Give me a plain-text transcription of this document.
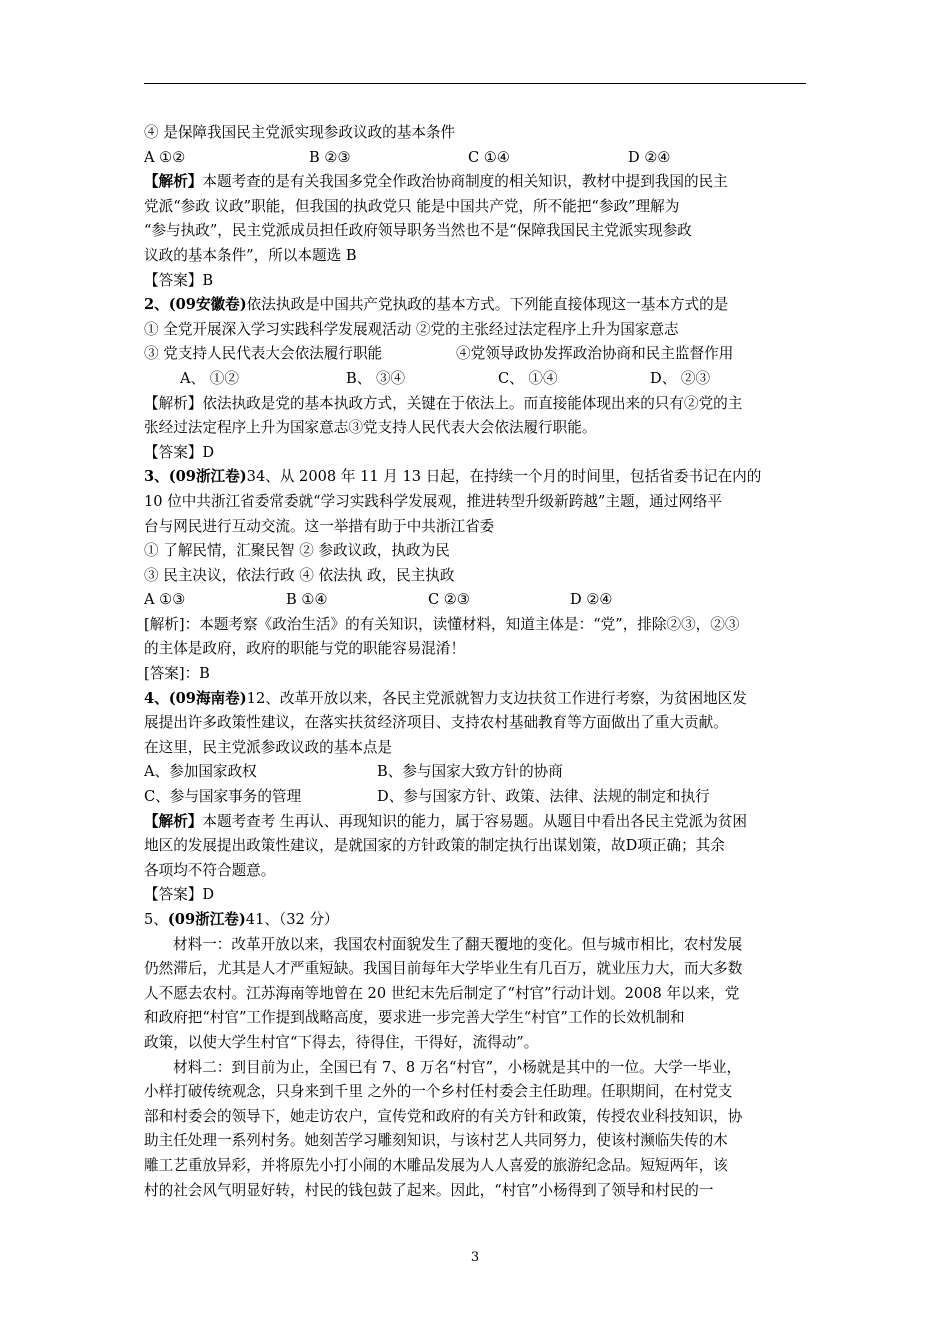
④ 是保障我国民主党派实现参政议政的基本条件
A ①②	B ②③	C ①④	D ②④
【解析】本题考查的是有关我国多党全作政治协商制度的相关知识，教材中提到我国的民主
党派“参政 议政”职能，但我国的执政党只 能是中国共产党，所不能把“参政”理解为
“参与执政”，民主党派成员担任政府领导职务当然也不是“保障我国民主党派实现参政
议政的基本条件”，所以本题选 B
【答案】B
2、(09安徽卷)依法执政是中国共产党执政的基本方式。下列能直接体现这一基本方式的是
① 全党开展深入学习实践科学发展观活动 ②党的主张经过法定程序上升为国家意志
③ 党支持人民代表大会依法履行职能	④党领导政协发挥政治协商和民主监督作用
A、 ①②	B、 ③④	C、 ①④	D、 ②③
【解析】依法执政是党的基本执政方式，关键在于依法上。而直接能体现出来的只有②党的主
张经过法定程序上升为国家意志③党支持人民代表大会依法履行职能。
【答案】D
3、(09浙江卷)34、从 2008 年 11 月 13 日起，在持续一个月的时间里，包括省委书记在内的
10 位中共浙江省委常委就“学习实践科学发展观，推进转型升级新跨越”主题，通过网络平
台与网民进行互动交流。这一举措有助于中共浙江省委
① 了解民情，汇聚民智 ② 参政议政，执政为民
③ 民主决议，依法行政 ④ 依法执 政，民主执政
A ①③	B ①④	C ②③	D ②④
[解析]：本题考察《政治生活》的有关知识，读懂材料，知道主体是：“党”，排除②③，②③
的主体是政府，政府的职能与党的职能容易混淆！
[答案]：B
4、(09海南卷)12、改革开放以来，各民主党派就智力支边扶贫工作进行考察，为贫困地区发
展提出许多政策性建议，在落实扶贫经济项目、支持农村基础教育等方面做出了重大贡献。
在这里，民主党派参政议政的基本点是
A、参加国家政权	B、参与国家大致方针的协商
C、参与国家事务的管理	D、参与国家方针、政策、法律、法规的制定和执行
【解析】本题考查考 生再认、再现知识的能力，属于容易题。从题目中看出各民主党派为贫困
地区的发展提出政策性建议，是就国家的方针政策的制定执行出谋划策，故D项正确；其余
各项均不符合题意。
【答案】D
5、(09浙江卷)41、（32 分）
材料一：改革开放以来，我国农村面貌发生了翻天覆地的变化。但与城市相比，农村发展
仍然滞后，尤其是人才严重短缺。我国目前每年大学毕业生有几百万，就业压力大，而大多数
人不愿去农村。江苏海南等地曾在 20 世纪末先后制定了“村官”行动计划。2008 年以来，党
和政府把“村官”工作提到战略高度，要求进一步完善大学生“村官”工作的长效机制和
政策，以使大学生村官“下得去，待得住，干得好，流得动”。
材料二：到目前为止，全国已有 7、8 万名“村官”，小杨就是其中的一位。大学一毕业，
小样打破传统观念，只身来到千里 之外的一个乡村任村委会主任助理。任职期间，在村党支
部和村委会的领导下，她走访农户，宣传党和政府的有关方针和政策，传授农业科技知识，协
助主任处理一系列村务。她刻苦学习雕刻知识，与该村艺人共同努力，使该村濒临失传的木
雕工艺重放异彩，并将原先小打小闹的木雕品发展为人人喜爱的旅游纪念品。短短两年，该
村的社会风气明显好转，村民的钱包鼓了起来。因此，“村官”小杨得到了领导和村民的一
3
